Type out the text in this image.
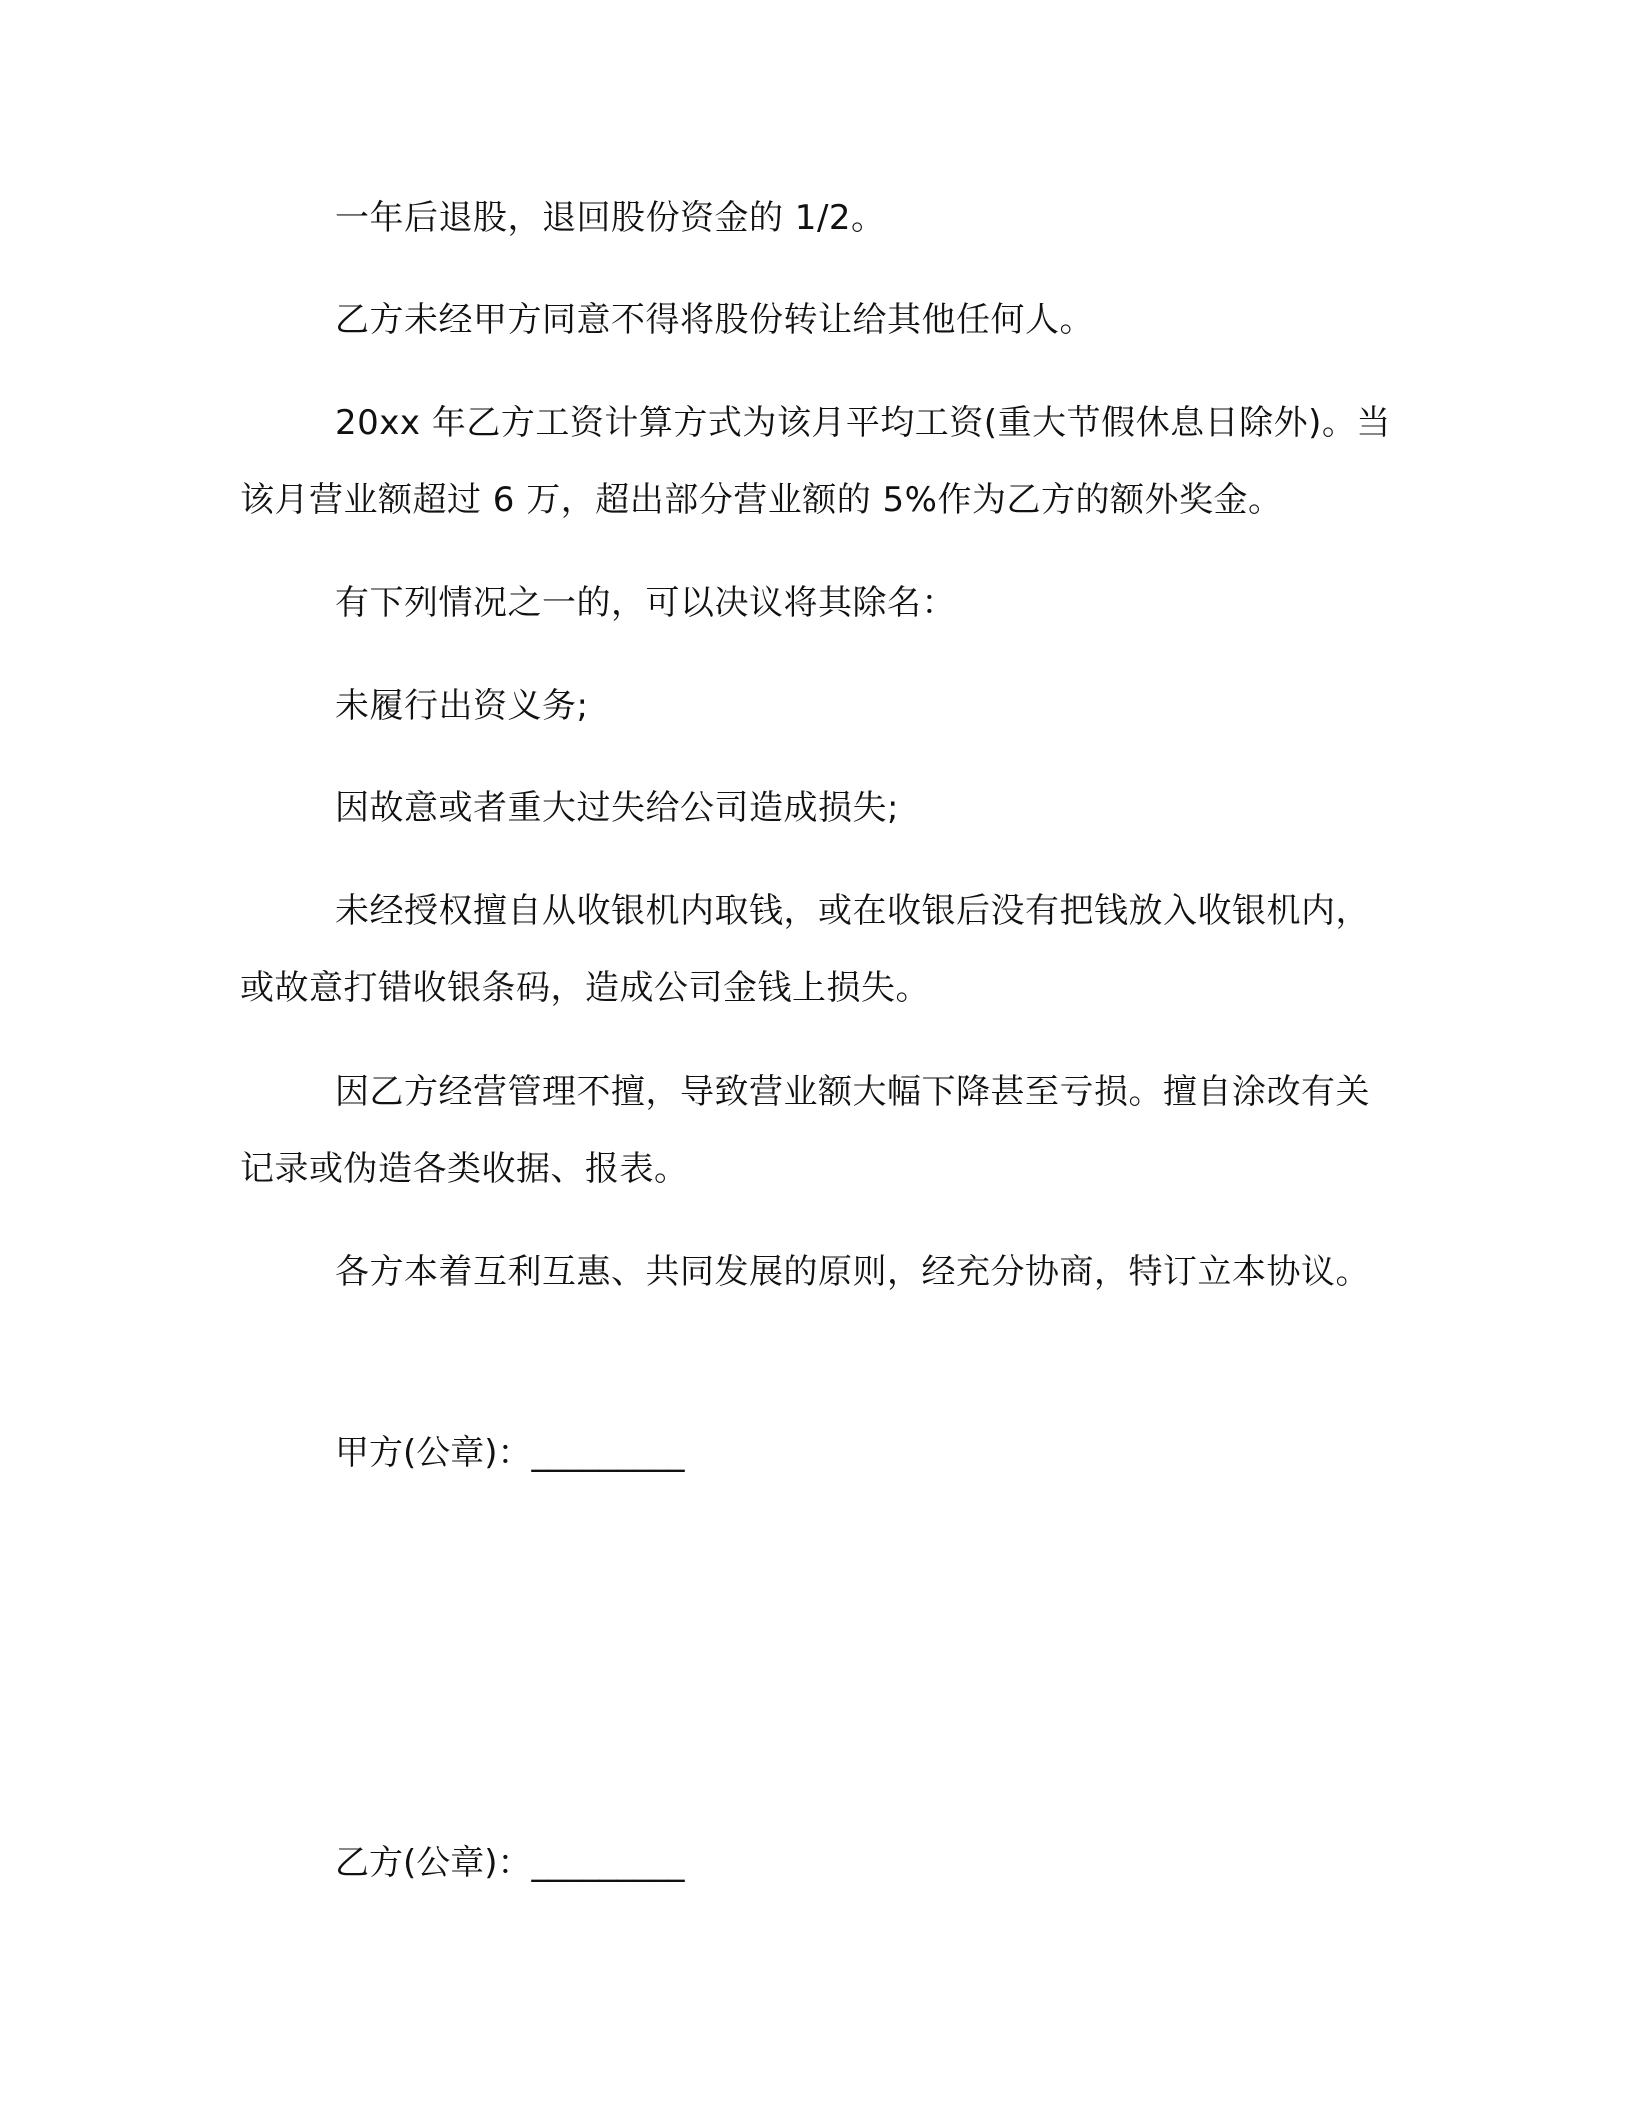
一年后退股，退回股份资金的 1/2。

乙方未经甲方同意不得将股份转让给其他任何人。

20xx 年乙方工资计算方式为该月平均工资(重大节假休息日除外)。当该月营业额超过 6 万，超出部分营业额的 5%作为乙方的额外奖金。

有下列情况之一的，可以决议将其除名：

未履行出资义务;

因故意或者重大过失给公司造成损失;

未经授权擅自从收银机内取钱，或在收银后没有把钱放入收银机内，或故意打错收银条码，造成公司金钱上损失。

因乙方经营管理不擅，导致营业额大幅下降甚至亏损。擅自涂改有关记录或伪造各类收据、报表。

各方本着互利互惠、共同发展的原则，经充分协商，特订立本协议。

甲方(公章)：_________

乙方(公章)：_________
